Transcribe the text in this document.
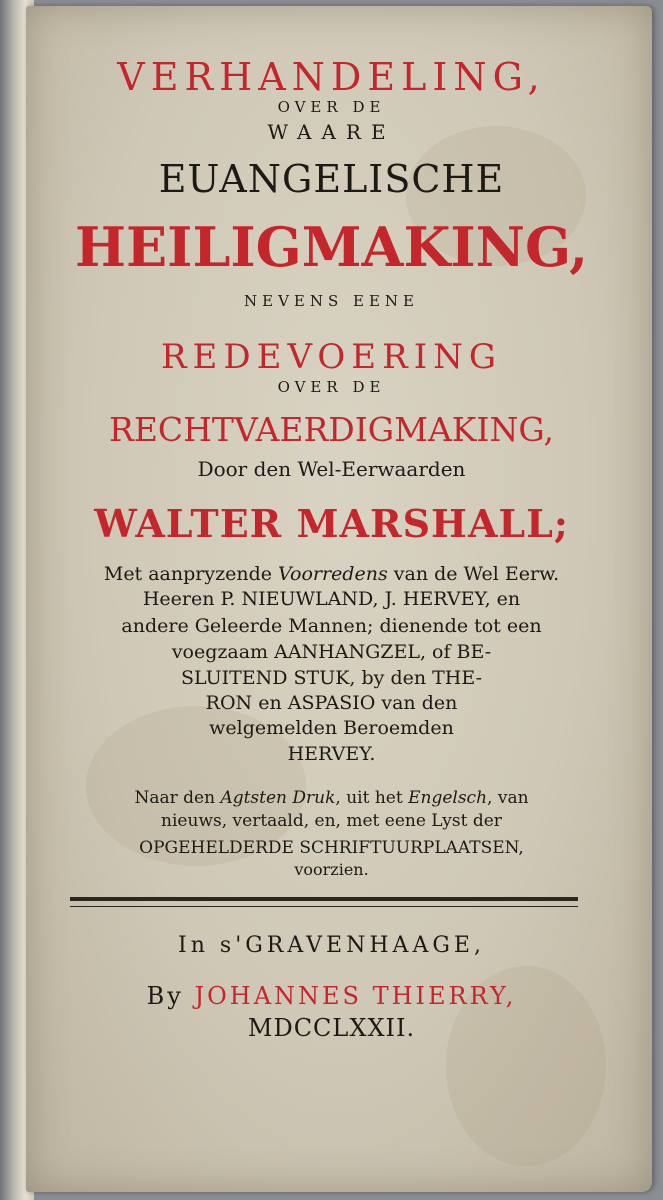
VERHANDELING,
OVER DE
WAARE
EUANGELISCHE
HEILIGMAKING,
NEVENS EENE
REDEVOERING
OVER DE
RECHTVAERDIGMAKING,
Door den Wel-Eerwaarden
WALTER MARSHALL;
Met aanpryzende Voorredens van de Wel Eerw.
Heeren P. NIEUWLAND, J. HERVEY, en
andere Geleerde Mannen; dienende tot een
voegzaam AANHANGZEL, of BE-
SLUITEND STUK, by den THE-
RON en ASPASIO van den
welgemelden Beroemden
HERVEY.
Naar den Agtsten Druk, uit het Engelsch, van
nieuws, vertaald, en, met eene Lyst der
OPGEHELDERDE SCHRIFTUURPLAATSEN,
voorzien.
In s'GRAVENHAAGE,
By JOHANNES THIERRY,
MDCCLXXII.
